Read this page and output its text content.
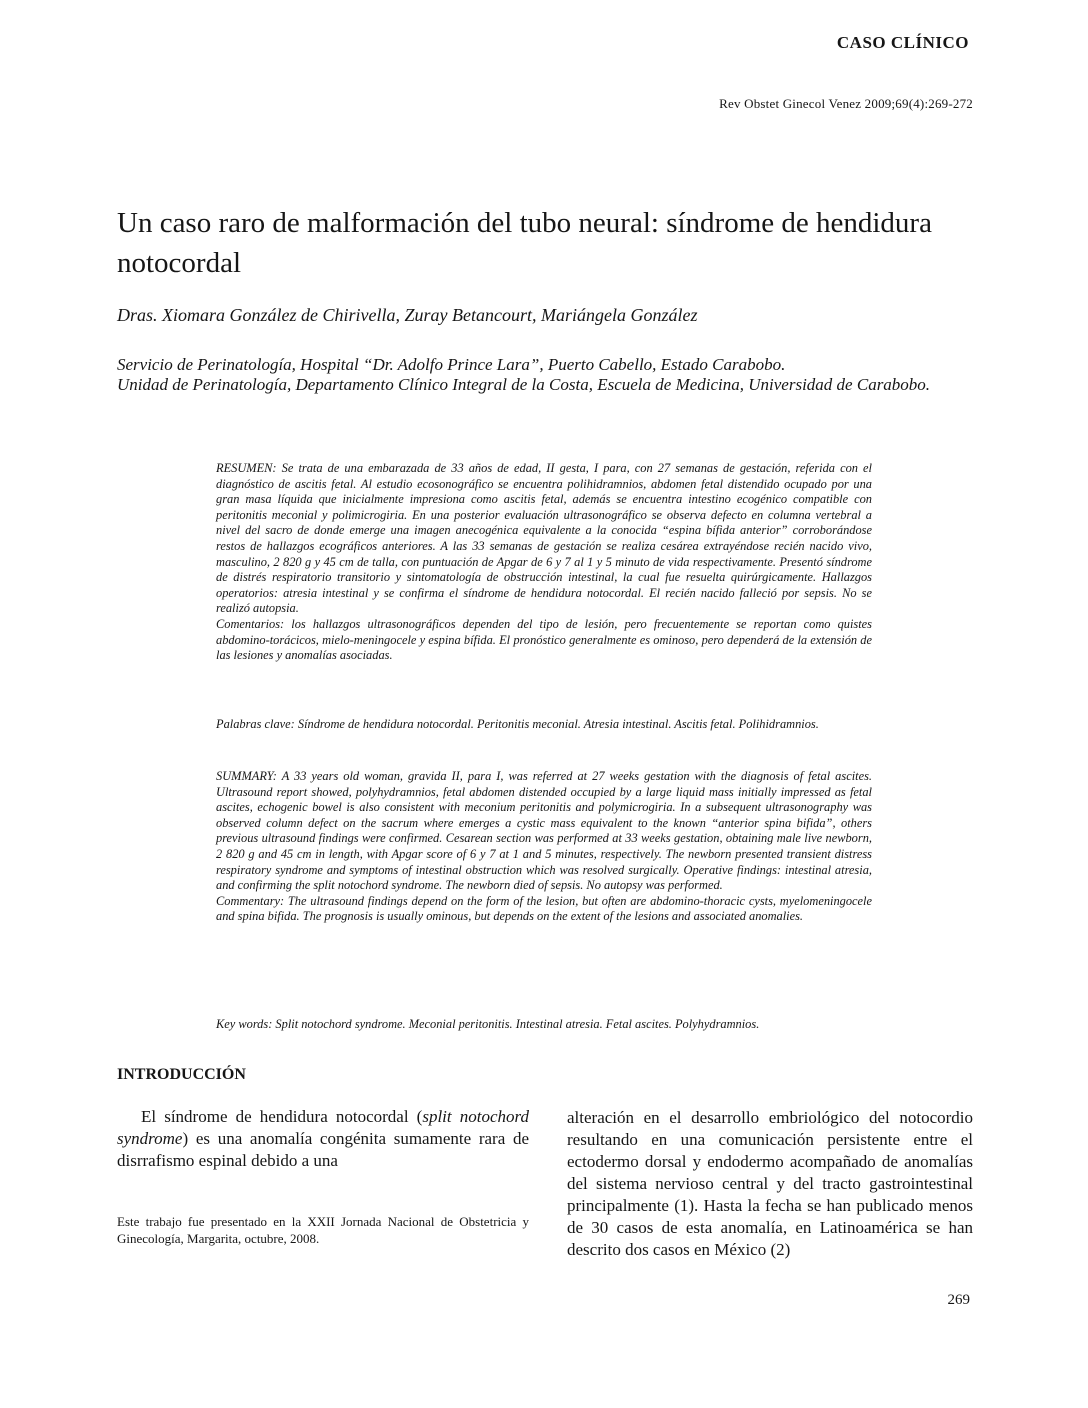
CASO CLÍNICO
Rev Obstet Ginecol Venez 2009;69(4):269-272
Un caso raro de malformación del tubo neural: síndrome de hendidura notocordal
Dras. Xiomara González de Chirivella, Zuray Betancourt, Mariángela González
Servicio de Perinatología, Hospital “Dr. Adolfo Prince Lara”, Puerto Cabello, Estado Carabobo.
Unidad de Perinatología, Departamento Clínico Integral de la Costa, Escuela de Medicina, Universidad de Carabobo.
RESUMEN: Se trata de una embarazada de 33 años de edad, II gesta, I para, con 27 semanas de gestación, referida con el diagnóstico de ascitis fetal. Al estudio ecosonográfico se encuentra polihidramnios, abdomen fetal distendido ocupado por una gran masa líquida que inicialmente impresiona como ascitis fetal, además se encuentra intestino ecogénico compatible con peritonitis meconial y polimicrogiria. En una posterior evaluación ultrasonográfico se observa defecto en columna vertebral a nivel del sacro de donde emerge una imagen anecogénica equivalente a la conocida “espina bífida anterior” corroborándose restos de hallazgos ecográficos anteriores. A las 33 semanas de gestación se realiza cesárea extrayéndose recién nacido vivo, masculino, 2 820 g y 45 cm de talla, con puntuación de Apgar de 6 y 7 al 1 y 5 minuto de vida respectivamente. Presentó síndrome de distrés respiratorio transitorio y sintomatología de obstrucción intestinal, la cual fue resuelta quirúrgicamente. Hallazgos operatorios: atresia intestinal y se confirma el síndrome de hendidura notocordal. El recién nacido falleció por sepsis. No se realizó autopsia.
Comentarios: los hallazgos ultrasonográficos dependen del tipo de lesión, pero frecuentemente se reportan como quistes abdomino-torácicos, mielo-meningocele y espina bífida. El pronóstico generalmente es ominoso, pero dependerá de la extensión de las lesiones y anomalías asociadas.
Palabras clave: Síndrome de hendidura notocordal. Peritonitis meconial. Atresia intestinal. Ascitis fetal. Polihidramnios.
SUMMARY: A 33 years old woman, gravida II, para I, was referred at 27 weeks gestation with the diagnosis of fetal ascites. Ultrasound report showed, polyhydramnios, fetal abdomen distended occupied by a large liquid mass initially impressed as fetal ascites, echogenic bowel is also consistent with meconium peritonitis and polymicrogiria. In a subsequent ultrasonography was observed column defect on the sacrum where emerges a cystic mass equivalent to the known “anterior spina bifida”, others previous ultrasound findings were confirmed. Cesarean section was performed at 33 weeks gestation, obtaining male live newborn, 2 820 g and 45 cm in length, with Apgar score of 6 y 7 at 1 and 5 minutes, respectively. The newborn presented transient distress respiratory syndrome and symptoms of intestinal obstruction which was resolved surgically. Operative findings: intestinal atresia, and confirming the split notochord syndrome. The newborn died of sepsis. No autopsy was performed.
Commentary: The ultrasound findings depend on the form of the lesion, but often are abdomino-thoracic cysts, myelomeningocele and spina bifida. The prognosis is usually ominous, but depends on the extent of the lesions and associated anomalies.
Key words: Split notochord syndrome. Meconial peritonitis. Intestinal atresia. Fetal ascites. Polyhydramnios.
INTRODUCCIÓN

El síndrome de hendidura notocordal (split notochord syndrome) es una anomalía congénita sumamente rara de disrrafismo espinal debido a una

alteración en el desarrollo embriológico del notocordio resultando en una comunicación persistente entre el ectodermo dorsal y endodermo acompañado de anomalías del sistema nervioso central y del tracto gastrointestinal principalmente (1). Hasta la fecha se han publicado menos de 30 casos de esta anomalía, en Latinoamérica se han descrito dos casos en México (2)

Este trabajo fue presentado en la XXII Jornada Nacional de Obstetricia y Ginecología, Margarita, octubre, 2008.
269
